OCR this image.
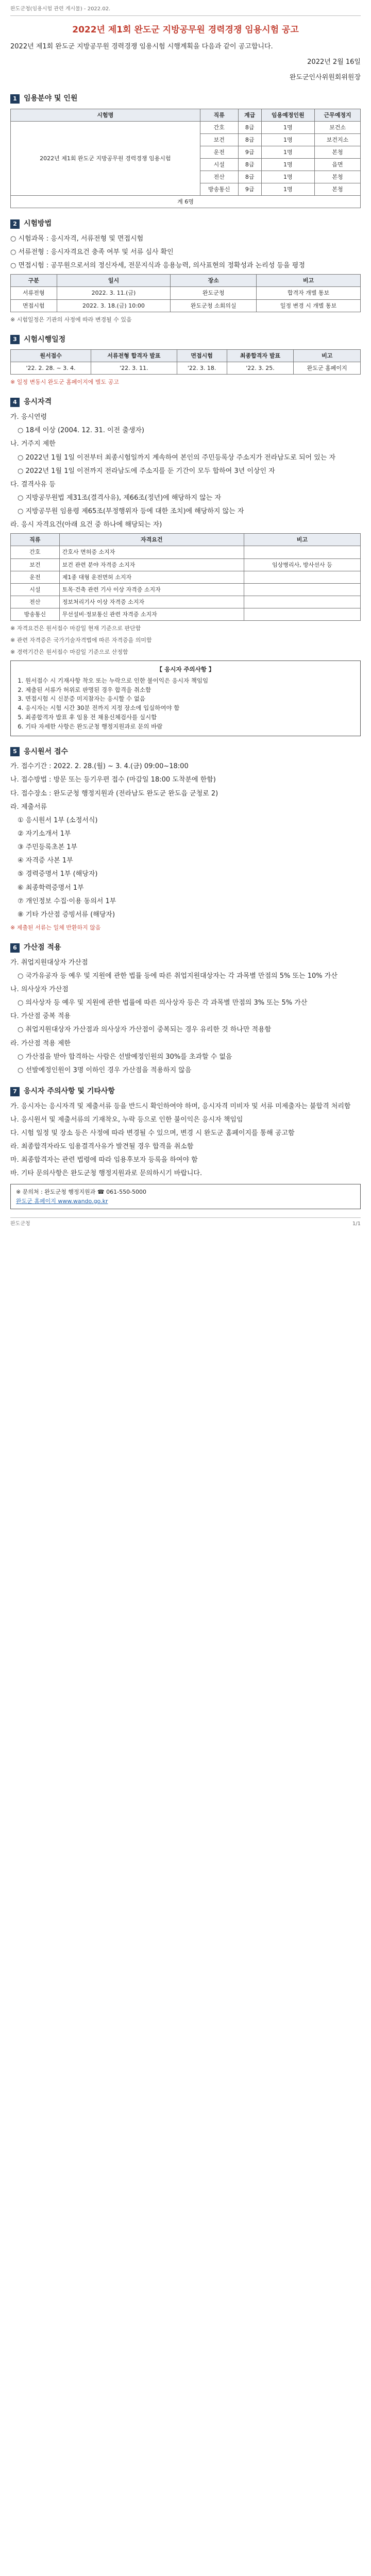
완도군청(임용시험 관련 게시물) - 2022.02.
2022년 제1회 완도군 지방공무원 경력경쟁 임용시험 공고

2022년 제1회 완도군 지방공무원 경력경쟁 임용시험 시행계획을 다음과 같이 공고합니다.

2022년 2월 16일
완도군인사위원회위원장
1 임용분야 및 인원
시험명	직류	계급	임용예정인원	근무예정지
2022년 제1회 완도군 지방공무원 경력경쟁 임용시험	간호	8급	1명	보건소
	보건	8급	1명	보건지소
	운전	9급	1명	본청
	시설	8급	1명	읍면
	전산	8급	1명	본청
	방송통신	9급	1명	본청
계 6명				
2 시험방법

○ 시험과목 : 응시자격, 서류전형 및 면접시험

○ 서류전형 : 응시자격요건 충족 여부 및 서류 심사 확인

○ 면접시험 : 공무원으로서의 정신자세, 전문지식과 응용능력, 의사표현의 정확성과 논리성 등을 평정

구분	일시	장소	비고
서류전형	2022. 3. 11.(금)	완도군청	합격자 개별 통보
면접시험	2022. 3. 18.(금) 10:00	완도군청 소회의실	일정 변경 시 개별 통보

※ 시험일정은 기관의 사정에 따라 변경될 수 있음

3 시험시행일정
원서접수	서류전형 합격자 발표	면접시험	최종합격자 발표	비고
'22. 2. 28. ~ 3. 4.	'22. 3. 11.	'22. 3. 18.	'22. 3. 25.	완도군 홈페이지

※ 일정 변동시 완도군 홈페이지에 별도 공고

4 응시자격

가. 응시연령

○ 18세 이상 (2004. 12. 31. 이전 출생자)

나. 거주지 제한

○ 2022년 1월 1일 이전부터 최종시험일까지 계속하여 본인의 주민등록상 주소지가 전라남도로 되어 있는 자

○ 2022년 1월 1일 이전까지 전라남도에 주소지를 둔 기간이 모두 합하여 3년 이상인 자

다. 결격사유 등

○ 지방공무원법 제31조(결격사유), 제66조(정년)에 해당하지 않는 자

○ 지방공무원 임용령 제65조(부정행위자 등에 대한 조치)에 해당하지 않는 자

라. 응시 자격요건(아래 요건 중 하나에 해당되는 자)

직류	자격요건	비고
간호	간호사 면허증 소지자	
보건	보건 관련 분야 자격증 소지자	임상병리사, 방사선사 등
운전	제1종 대형 운전면허 소지자	
시설	토목·건축 관련 기사 이상 자격증 소지자	
전산	정보처리기사 이상 자격증 소지자	
방송통신	무선설비·정보통신 관련 자격증 소지자	

※ 자격요건은 원서접수 마감일 현재 기준으로 판단함

※ 관련 자격증은 국가기술자격법에 따른 자격증을 의미함

※ 경력기간은 원서접수 마감일 기준으로 산정함

【 응시자 주의사항 】
1. 원서접수 시 기재사항 착오 또는 누락으로 인한 불이익은 응시자 책임임
2. 제출된 서류가 허위로 판명된 경우 합격을 취소함
3. 면접시험 시 신분증 미지참자는 응시할 수 없음
4. 응시자는 시험 시간 30분 전까지 지정 장소에 입실하여야 함
5. 최종합격자 발표 후 임용 전 채용신체검사를 실시함
6. 기타 자세한 사항은 완도군청 행정지원과로 문의 바람
5 응시원서 접수

가. 접수기간 : 2022. 2. 28.(월) ~ 3. 4.(금) 09:00~18:00

나. 접수방법 : 방문 또는 등기우편 접수 (마감일 18:00 도착분에 한함)

다. 접수장소 : 완도군청 행정지원과 (전라남도 완도군 완도읍 군청로 2)

라. 제출서류

① 응시원서 1부 (소정서식)

② 자기소개서 1부

③ 주민등록초본 1부

④ 자격증 사본 1부

⑤ 경력증명서 1부 (해당자)

⑥ 최종학력증명서 1부

⑦ 개인정보 수집·이용 동의서 1부

⑧ 기타 가산점 증빙서류 (해당자)

※ 제출된 서류는 일체 반환하지 않음

6 가산점 적용

가. 취업지원대상자 가산점

○ 국가유공자 등 예우 및 지원에 관한 법률 등에 따른 취업지원대상자는 각 과목별 만점의 5% 또는 10% 가산

나. 의사상자 가산점

○ 의사상자 등 예우 및 지원에 관한 법률에 따른 의사상자 등은 각 과목별 만점의 3% 또는 5% 가산

다. 가산점 중복 적용

○ 취업지원대상자 가산점과 의사상자 가산점이 중복되는 경우 유리한 것 하나만 적용함

라. 가산점 적용 제한

○ 가산점을 받아 합격하는 사람은 선발예정인원의 30%를 초과할 수 없음

○ 선발예정인원이 3명 이하인 경우 가산점을 적용하지 않음

7 응시자 주의사항 및 기타사항

가. 응시자는 응시자격 및 제출서류 등을 반드시 확인하여야 하며, 응시자격 미비자 및 서류 미제출자는 불합격 처리함

나. 응시원서 및 제출서류의 기재착오, 누락 등으로 인한 불이익은 응시자 책임임

다. 시험 일정 및 장소 등은 사정에 따라 변경될 수 있으며, 변경 시 완도군 홈페이지를 통해 공고함

라. 최종합격자라도 임용결격사유가 발견될 경우 합격을 취소함

마. 최종합격자는 관련 법령에 따라 임용후보자 등록을 하여야 함

바. 기타 문의사항은 완도군청 행정지원과로 문의하시기 바랍니다.

※ 문의처 : 완도군청 행정지원과 ☎ 061-550-5000
완도군 홈페이지 www.wando.go.kr
완도군청	1/1
